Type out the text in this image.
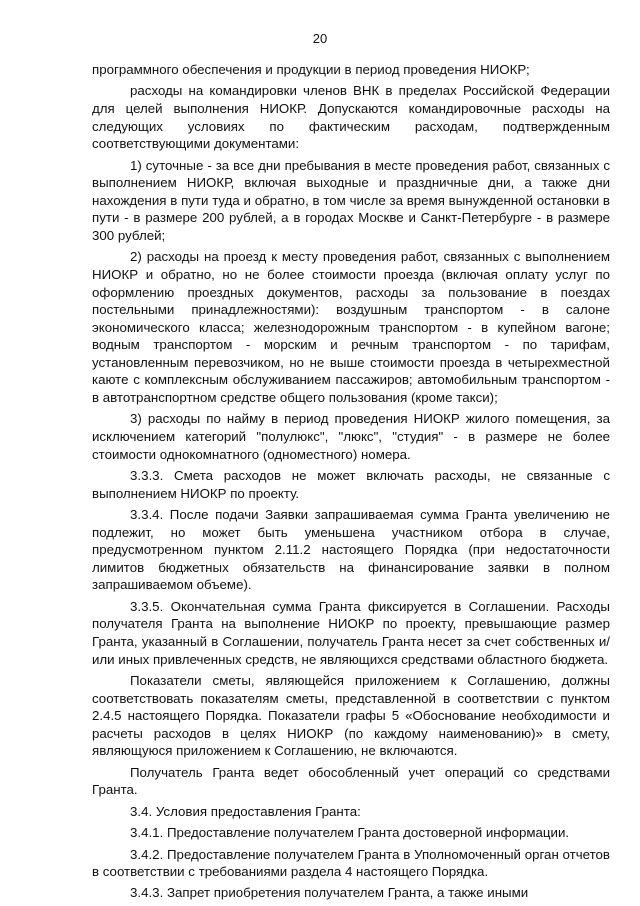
20

программного обеспечения и продукции в период проведения НИОКР;

расходы на командировки членов ВНК в пределах Российской Федерации для целей выполнения НИОКР. Допускаются командировочные расходы на следующих условиях по фактическим расходам, подтвержденным соответствующими документами:

1) суточные - за все дни пребывания в месте проведения работ, связанных с выполнением НИОКР, включая выходные и праздничные дни, а также дни нахождения в пути туда и обратно, в том числе за время вынужденной остановки в пути - в размере 200 рублей, а в городах Москве и Санкт-Петербурге - в размере 300 рублей;

2) расходы на проезд к месту проведения работ, связанных с выполнением НИОКР и обратно, но не более стоимости проезда (включая оплату услуг по оформлению проездных документов, расходы за пользование в поездах постельными принадлежностями): воздушным транспортом - в салоне экономического класса; железнодорожным транспортом - в купейном вагоне; водным транспортом - морским и речным транспортом - по тарифам, установленным перевозчиком, но не выше стоимости проезда в четырехместной каюте с комплексным обслуживанием пассажиров; автомобильным транспортом - в автотранспортном средстве общего пользования (кроме такси);

3) расходы по найму в период проведения НИОКР жилого помещения, за исключением категорий "полулюкс", "люкс", "студия" - в размере не более стоимости однокомнатного (одноместного) номера.

3.3.3. Смета расходов не может включать расходы, не связанные с выполнением НИОКР по проекту.

3.3.4. После подачи Заявки запрашиваемая сумма Гранта увеличению не подлежит, но может быть уменьшена участником отбора в случае, предусмотренном пунктом 2.11.2 настоящего Порядка (при недостаточности лимитов бюджетных обязательств на финансирование заявки в полном запрашиваемом объеме).

3.3.5. Окончательная сумма Гранта фиксируется в Соглашении. Расходы получателя Гранта на выполнение НИОКР по проекту, превышающие размер Гранта, указанный в Соглашении, получатель Гранта несет за счет собственных и/или иных привлеченных средств, не являющихся средствами областного бюджета.

Показатели сметы, являющейся приложением к Соглашению, должны соответствовать показателям сметы, представленной в соответствии с пунктом 2.4.5 настоящего Порядка. Показатели графы 5 «Обоснование необходимости и расчеты расходов в целях НИОКР (по каждому наименованию)» в смету, являющуюся приложением к Соглашению, не включаются.

Получатель Гранта ведет обособленный учет операций со средствами Гранта.

3.4. Условия предоставления Гранта:

3.4.1. Предоставление получателем Гранта достоверной информации.

3.4.2. Предоставление получателем Гранта в Уполномоченный орган отчетов в соответствии с требованиями раздела 4 настоящего Порядка.

3.4.3. Запрет приобретения получателем Гранта, а также иными
